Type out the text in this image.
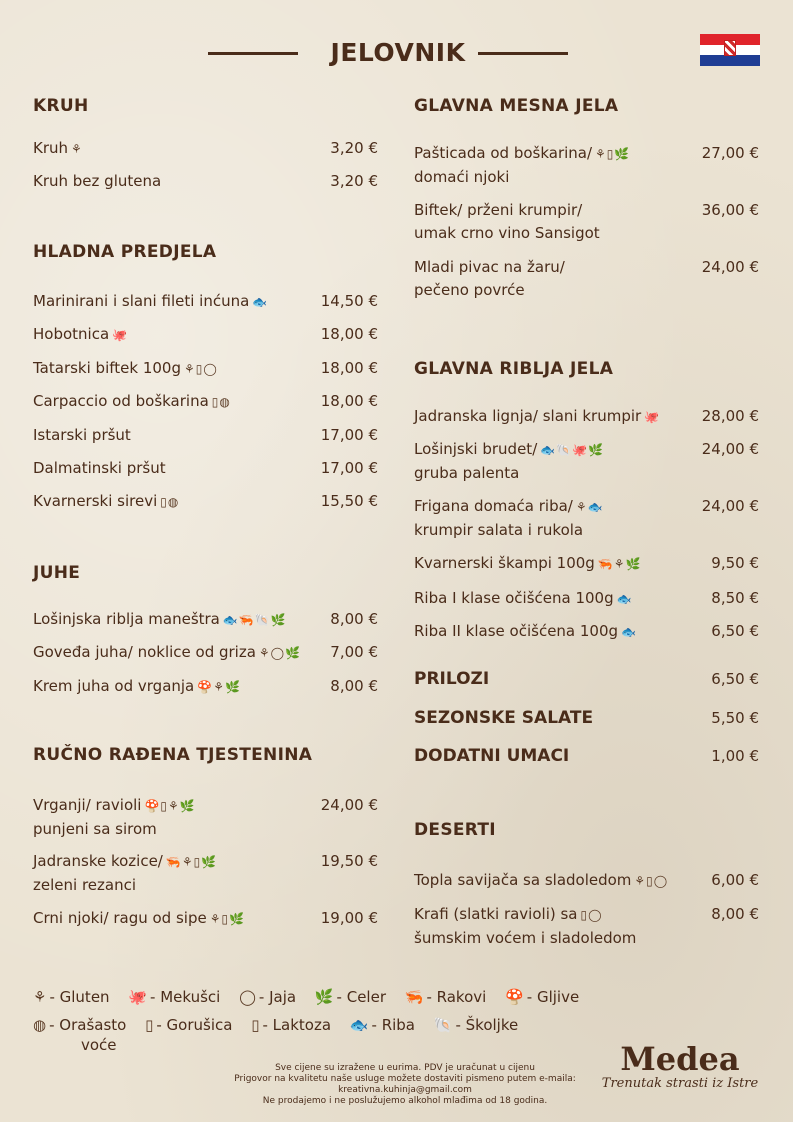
JELOVNIK
KRUH
Kruh ⚘	3,20 €
Kruh bez glutena	3,20 €
HLADNA PREDJELA
Marinirani i slani fileti inćuna 🐟	14,50 €
Hobotnica 🐙	18,00 €
Tatarski biftek 100g ⚘▯◯	18,00 €
Carpaccio od boškarina ▯◍	18,00 €
Istarski pršut	17,00 €
Dalmatinski pršut	17,00 €
Kvarnerski sirevi ▯◍	15,50 €
JUHE
Lošinjska riblja maneštra 🐟🦐🐚🌿	8,00 €
Goveđa juha/ noklice od griza ⚘◯🌿 7,00 €
Krem juha od vrganja 🍄⚘🌿	8,00 €
RUČNO RAĐENA TJESTENINA
Vrganji/ ravioli 🍄▯⚘🌿
punjeni sa sirom
24,00 €
Jadranske kozice/ 🦐⚘▯🌿
zeleni rezanci
19,50 €
Crni njoki/ ragu od sipe ⚘▯🌿	19,00 €
GLAVNA MESNA JELA
Pašticada od boškarina/ ⚘▯🌿
domaći njoki
27,00 €
Biftek/ prženi krumpir/
umak crno vino Sansigot
36,00 €
Mladi pivac na žaru/
pečeno povrće
24,00 €
GLAVNA RIBLJA JELA
Jadranska lignja/ slani krumpir 🐙	28,00 €
Lošinjski brudet/ 🐟🐚🐙🌿
gruba palenta
24,00 €
Frigana domaća riba/ ⚘🐟
krumpir salata i rukola
24,00 €
Kvarnerski škampi 100g 🦐⚘🌿	9,50 €
Riba I klase očišćena 100g 🐟	8,50 €
Riba II klase očišćena 100g 🐟	6,50 €
PRILOZI	6,50 €
SEZONSKE SALATE	5,50 €
DODATNI UMACI	1,00 €
DESERTI
Topla savijača sa sladoledom ⚘▯◯	6,00 €
Krafi (slatki ravioli) sa ▯◯
šumskim voćem i sladoledom
8,00 €
⚘ - Gluten 🐙 - Mekušci ◯ - Jaja 🌿 - Celer 🦐 - Rakovi 🍄 - Gljive
◍ - Orašasto ▯ - Gorušica ▯ - Laktoza 🐟 - Riba 🐚 - Školjke
voće
Sve cijene su izražene u eurima. PDV je uračunat u cijenu
Prigovor na kvalitetu naše usluge možete dostaviti pismeno putem e-maila:
kreativna.kuhinja@gmail.com
Ne prodajemo i ne poslužujemo alkohol mlađima od 18 godina.
Medea
Trenutak strasti iz Istre
